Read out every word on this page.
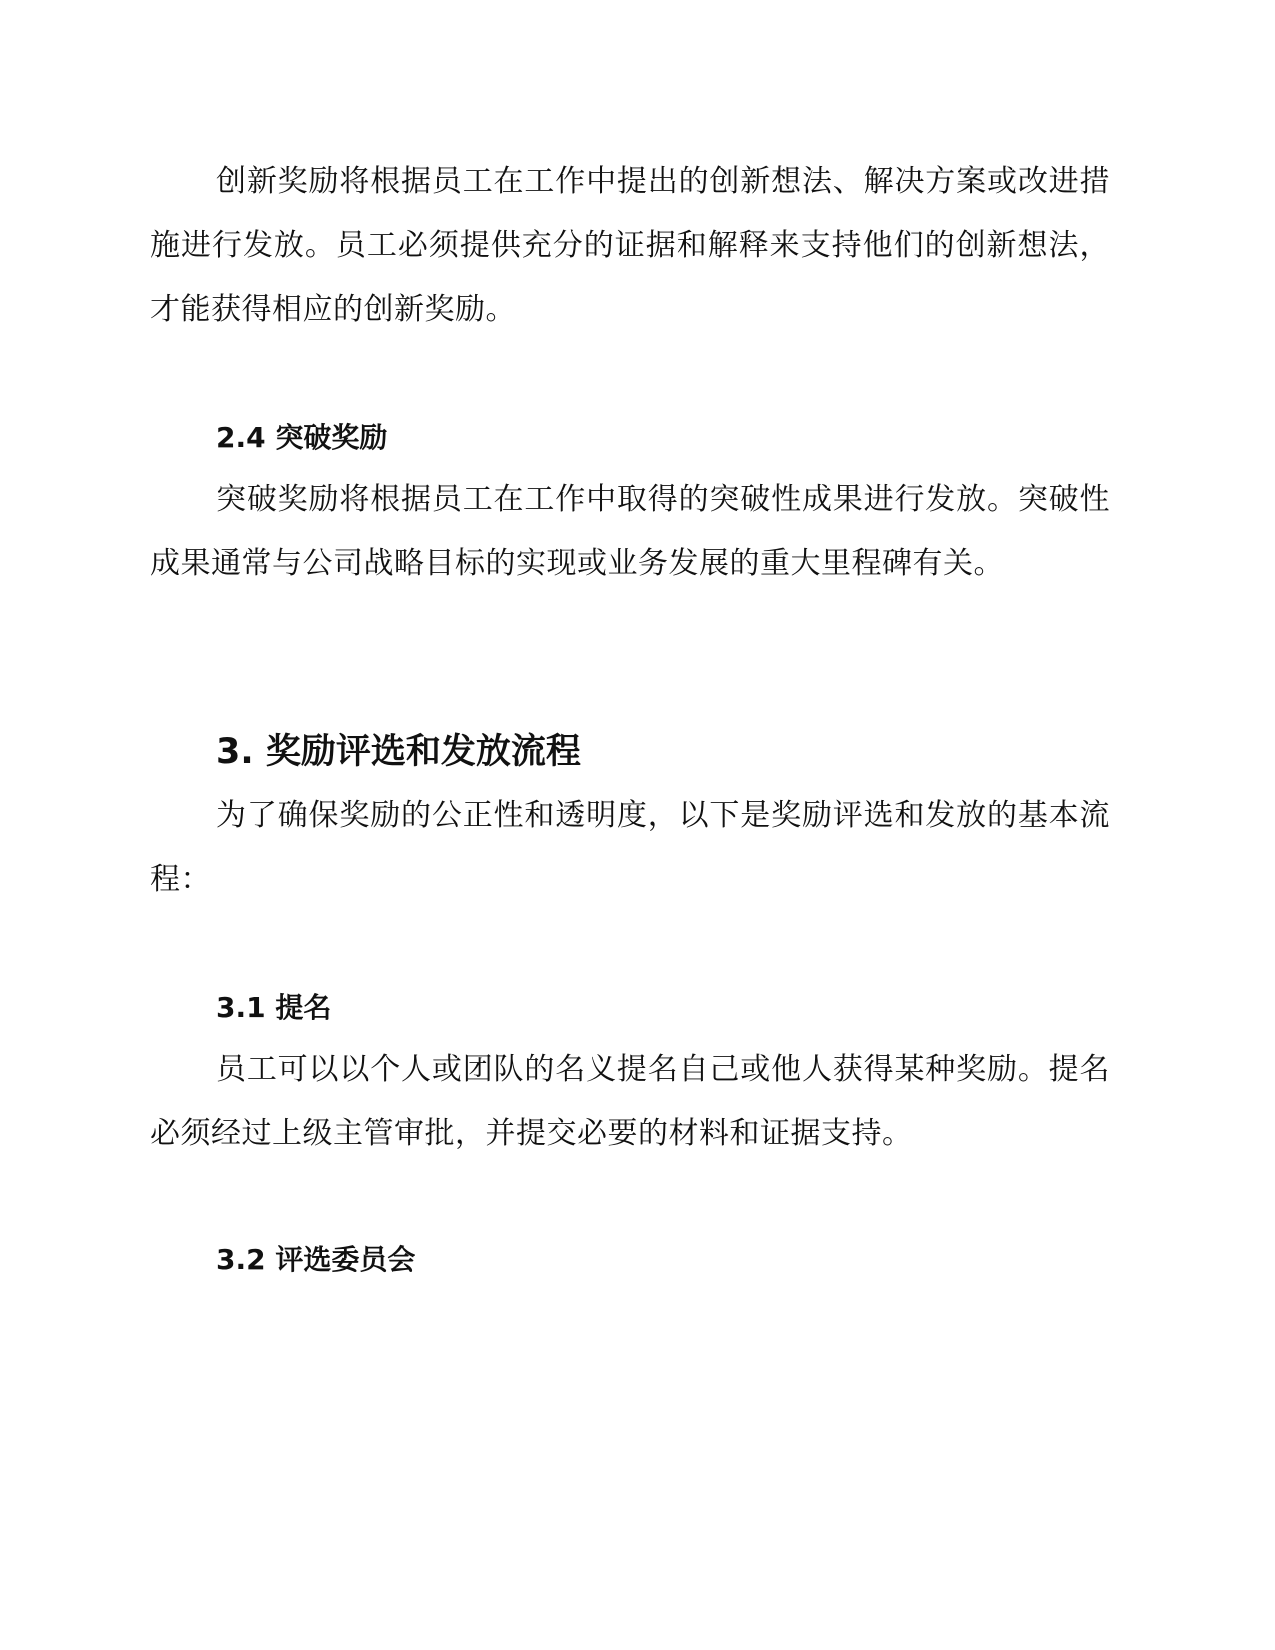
创新奖励将根据员工在工作中提出的创新想法、解决方案或改进措施进行发放。员工必须提供充分的证据和解释来支持他们的创新想法，才能获得相应的创新奖励。

2.4 突破奖励

突破奖励将根据员工在工作中取得的突破性成果进行发放。突破性成果通常与公司战略目标的实现或业务发展的重大里程碑有关。

3. 奖励评选和发放流程

为了确保奖励的公正性和透明度，以下是奖励评选和发放的基本流程：

3.1 提名

员工可以以个人或团队的名义提名自己或他人获得某种奖励。提名必须经过上级主管审批，并提交必要的材料和证据支持。

3.2 评选委员会
